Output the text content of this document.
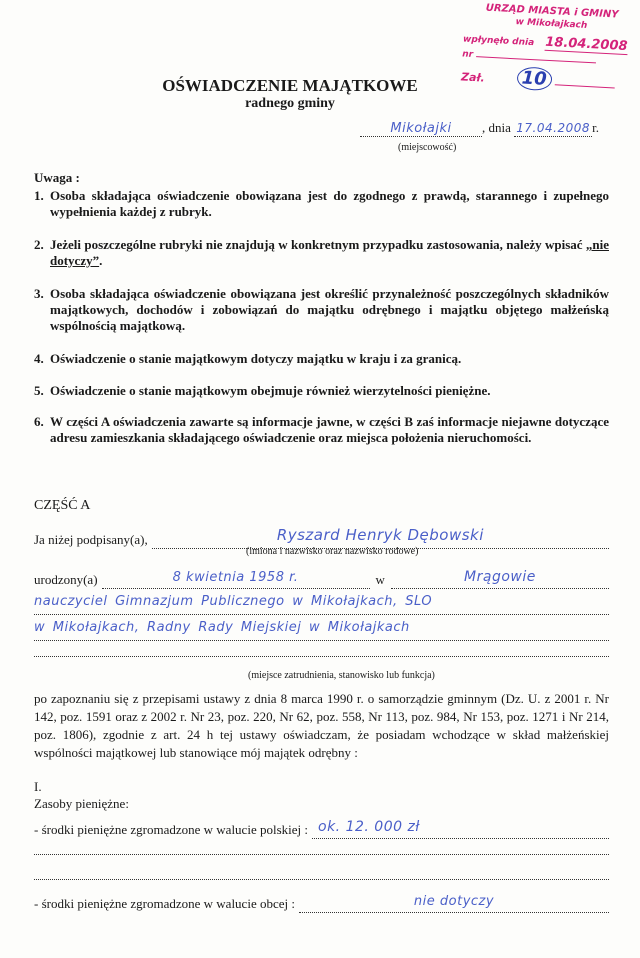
URZĄD MIASTA i GMINY
w Mikołajkach
wpłynęło dnia 18.04.2008
nr
Zał. 10
OŚWIADCZENIE MAJĄTKOWE
radnego gminy
Mikołajki , dnia 17.04.2008 r.
(miejscowość)
Uwaga :
1. Osoba składająca oświadczenie obowiązana jest do zgodnego z prawdą, starannego i zupełnego wypełnienia każdej z rubryk.
2. Jeżeli poszczególne rubryki nie znajdują w konkretnym przypadku zastosowania, należy wpisać „nie dotyczy”.
3. Osoba składająca oświadczenie obowiązana jest określić przynależność poszczególnych składników majątkowych, dochodów i zobowiązań do majątku odrębnego i majątku objętego małżeńską wspólnością majątkową.
4. Oświadczenie o stanie majątkowym dotyczy majątku w kraju i za granicą.
5. Oświadczenie o stanie majątkowym obejmuje również wierzytelności pieniężne.
6. W części A oświadczenia zawarte są informacje jawne, w części B zaś informacje niejawne dotyczące adresu zamieszkania składającego oświadczenie oraz miejsca położenia nieruchomości.
CZĘŚĆ A
Ja niżej podpisany(a),	Ryszard Henryk Dębowski
(imiona i nazwisko oraz nazwisko rodowe)
urodzony(a)	8 kwietnia 1958 r.	w	Mrągowie
nauczyciel Gimnazjum Publicznego w Mikołajkach, SLO
w Mikołajkach, Radny Rady Miejskiej w Mikołajkach
(miejsce zatrudnienia, stanowisko lub funkcja)
po zapoznaniu się z przepisami ustawy z dnia 8 marca 1990 r. o samorządzie gminnym (Dz. U. z 2001 r. Nr 142, poz. 1591 oraz z 2002 r. Nr 23, poz. 220, Nr 62, poz. 558, Nr 113, poz. 984, Nr 153, poz. 1271 i Nr 214, poz. 1806), zgodnie z art. 24 h tej ustawy oświadczam, że posiadam wchodzące w skład małżeńskiej wspólności majątkowej lub stanowiące mój majątek odrębny :
I.
Zasoby pieniężne:
- środki pieniężne zgromadzone w walucie polskiej : ok. 12. 000 zł
- środki pieniężne zgromadzone w walucie obcej :	nie dotyczy
